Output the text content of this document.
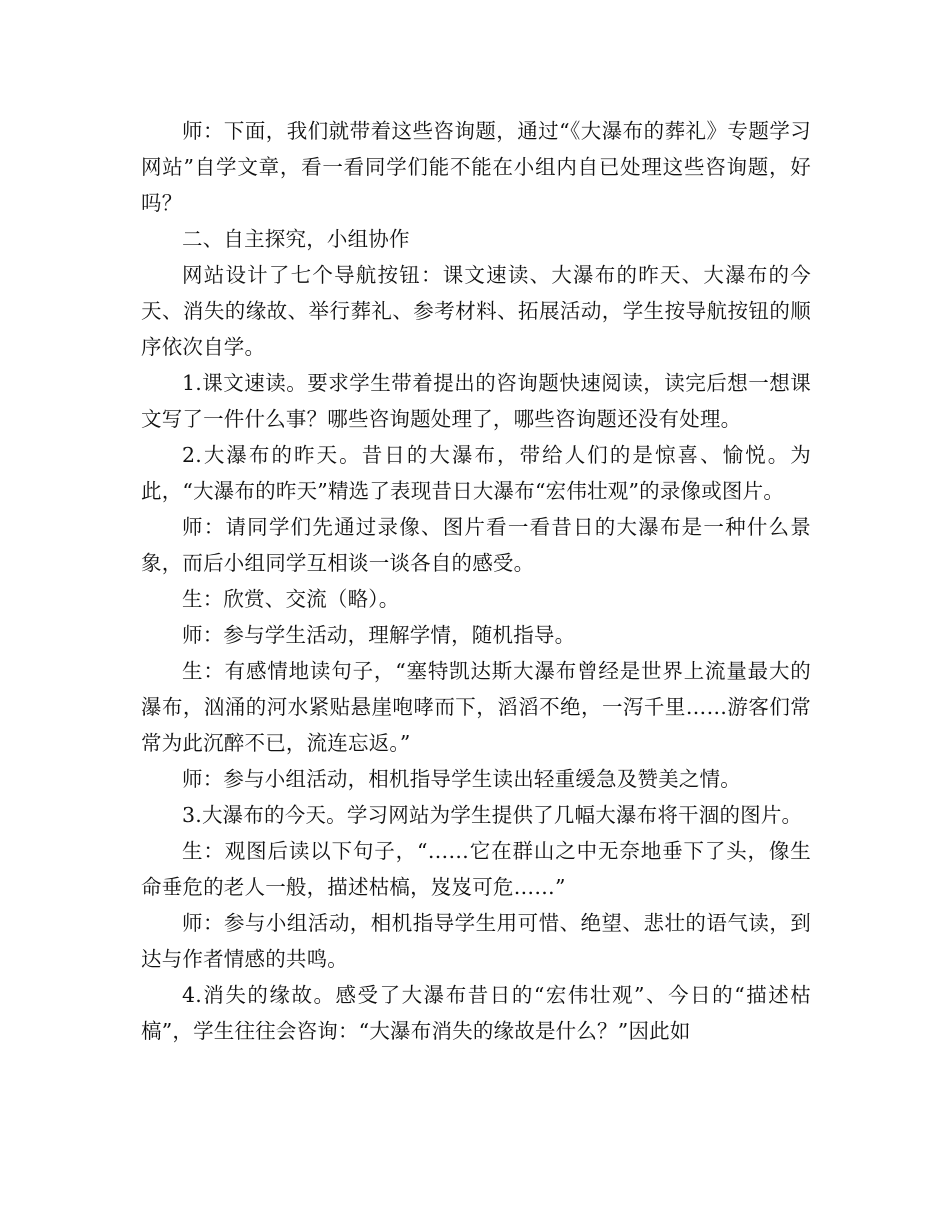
师：下面，我们就带着这些咨询题，通过“《大瀑布的葬礼》专题学习网站”自学文章，看一看同学们能不能在小组内自已处理这些咨询题，好吗？

二、自主探究，小组协作

网站设计了七个导航按钮：课文速读、大瀑布的昨天、大瀑布的今天、消失的缘故、举行葬礼、参考材料、拓展活动，学生按导航按钮的顺序依次自学。

1.课文速读。要求学生带着提出的咨询题快速阅读，读完后想一想课文写了一件什么事？哪些咨询题处理了，哪些咨询题还没有处理。

2.大瀑布的昨天。昔日的大瀑布，带给人们的是惊喜、愉悦。为此，“大瀑布的昨天”精选了表现昔日大瀑布“宏伟壮观”的录像或图片。

师：请同学们先通过录像、图片看一看昔日的大瀑布是一种什么景象，而后小组同学互相谈一谈各自的感受。

生：欣赏、交流（略）。

师：参与学生活动，理解学情，随机指导。

生：有感情地读句子，“塞特凯达斯大瀑布曾经是世界上流量最大的瀑布，汹涌的河水紧贴悬崖咆哮而下，滔滔不绝，一泻千里……游客们常常为此沉醉不已，流连忘返。”

师：参与小组活动，相机指导学生读出轻重缓急及赞美之情。

3.大瀑布的今天。学习网站为学生提供了几幅大瀑布将干涸的图片。

生：观图后读以下句子，“……它在群山之中无奈地垂下了头，像生命垂危的老人一般，描述枯槁，岌岌可危……”

师：参与小组活动，相机指导学生用可惜、绝望、悲壮的语气读，到达与作者情感的共鸣。

4.消失的缘故。感受了大瀑布昔日的“宏伟壮观”、今日的“描述枯槁”，学生往往会咨询：“大瀑布消失的缘故是什么？”因此如
